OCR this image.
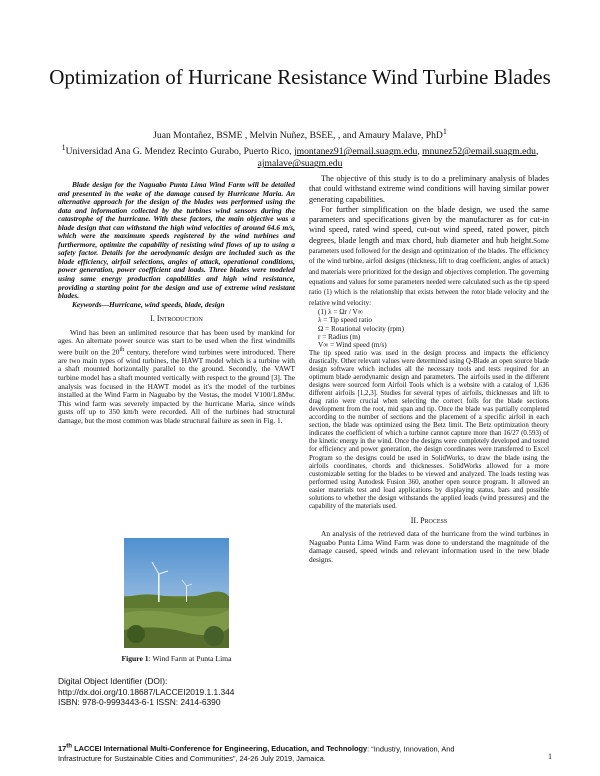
Optimization of Hurricane Resistance Wind Turbine Blades
Juan Montañez, BSME , Melvin Nuñez, BSEE, , and Amaury Malave, PhD$^1$
$^1$Universidad Ana G. Mendez Recinto Gurabo, Puerto Rico, jmontanez91@email.suagm.edu, mnunez52@email.suagm.edu, ajmalave@suagm.edu

Blade design for the Naguabo Punta Lima Wind Farm will be detailed and presented in the wake of the damage caused by Hurricane Maria. An alternative approach for the design of the blades was performed using the data and information collected by the turbines wind sensors during the catastrophe of the hurricane. With these factors, the main objective was a blade design that can withstand the high wind velocities of around 64.6 m/s, which were the maximum speeds registered by the wind turbines and furthermore, optimize the capability of resisting wind flows of up to using a safety factor. Details for the aerodynamic design are included such as the blade efficiency, airfoil selections, angles of attack, operational conditions, power generation, power coefficient and loads. Three blades were modeled using same energy production capabilities and high wind resistance, providing a starting point for the design and use of extreme wind resistant blades.

Keywords—Hurricane, wind speeds, blade, design

I. Introduction

Wind has been an unlimited resource that has been used by mankind for ages. An alternate power source was start to be used when the first windmills were built on the 20th century, therefore wind turbines were introduced. There are two main types of wind turbines, the HAWT model which is a turbine with a shaft mounted horizontally parallel to the ground. Secondly, the VAWT turbine model has a shaft mounted vertically with respect to the ground [3]. The analysis was focused in the HAWT model as it's the model of the turbines installed at the Wind Farm in Naguabo by the Vestas, the model V100/1.8Mw. This wind farm was severely impacted by the hurricane Maria, since winds gusts off up to 350 km/h were recorded. All of the turbines had structural damage, but the most common was blade structural failure as seen in Fig. 1.

Figure 1: Wind Farm at Punta Lima
Digital Object Identifier (DOI):
http://dx.doi.org/10.18687/LACCEI2019.1.1.344
ISBN: 978-0-9993443-6-1 ISSN: 2414-6390

The objective of this study is to do a preliminary analysis of blades that could withstand extreme wind conditions will having similar power generating capabilities.

For further simplification on the blade design, we used the same parameters and specifications given by the manufacturer as for cut-in wind speed, rated wind speed, cut-out wind speed, rated power, pitch degrees, blade length and max chord, hub diameter and hub height.Some parameters used followed for the design and optimization of the blades. The efficiency of the wind turbine, airfoil designs (thickness, lift to drag coefficient, angles of attack) and materials were prioritized for the design and objectives completion. The governing equations and values for some parameters needed were calculated such as the tip speed ratio (1) which is the relationship that exists between the rotor blade velocity and the relative wind velocity:

(1) λ = Ωr / V∞
λ = Tip speed ratio
Ω = Rotational velocity (rpm)
r = Radius (m)
V∞ = Wind speed (m/s)

The tip speed ratio was used in the design process and impacts the efficiency drastically. Other relevant values were determined using Q-Blade an open source blade design software which includes all the necessary tools and tests required for an optimum blade aerodynamic design and parameters. The airfoils used in the different designs were sourced form Airfoil Tools which is a website with a catalog of 1,636 different airfoils [1,2,3]. Studies for several types of airfoils, thicknesses and lift to drag ratio were crucial when selecting the correct foils for the blade sections development from the root, mid span and tip. Once the blade was partially completed according to the number of sections and the placement of a specific airfoil in each section, the blade was optimized using the Betz limit. The Betz optimization theory indicates the coefficient of which a turbine cannot capture more than 16/27 (0.593) of the kinetic energy in the wind. Once the designs were completely developed and tested for efficiency and power generation, the design coordinates were transferred to Excel Program so the designs could be used in SolidWorks, to draw the blade using the airfoils coordinates, chords and thicknesses. SolidWorks allowed for a more customizable setting for the blades to be viewed and analyzed. The loads testing was performed using Autodesk Fusion 360, another open source program. It allowed an easier materials test and load applications by displaying status, bars and possible solutions to whether the design withstands the applied loads (wind pressures) and the capability of the materials used.

II. Process

An analysis of the retrieved data of the hurricane from the wind turbines in Naguabo Punta Lima Wind Farm was done to understand the magnitude of the damage caused, speed winds and relevant information used in the new blade designs.

17th LACCEI International Multi-Conference for Engineering, Education, and Technology: “Industry, Innovation, And
Infrastructure for Sustainable Cities and Communities”, 24-26 July 2019, Jamaica.	1
